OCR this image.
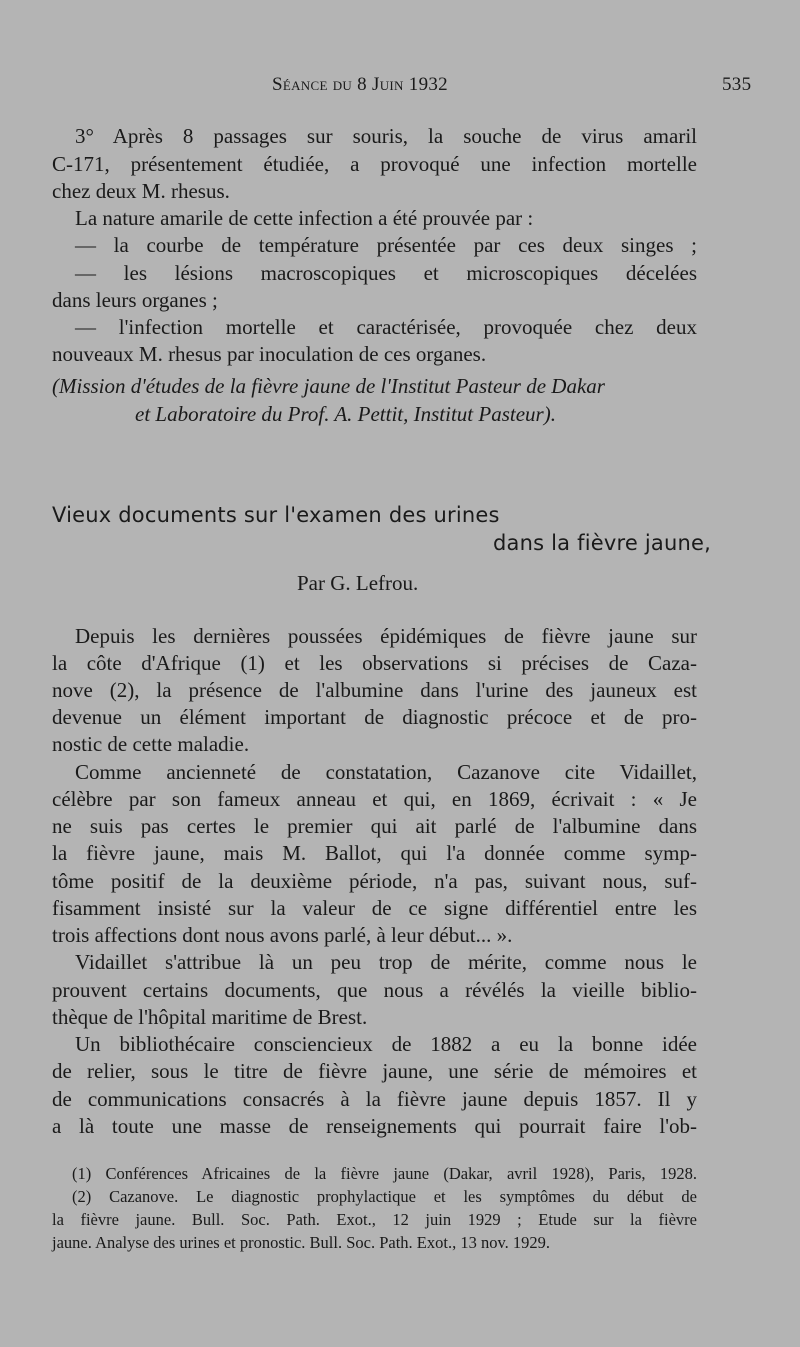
Séance du 8 Juin 1932	535
3° Après 8 passages sur souris, la souche de virus amaril
C-171, présentement étudiée, a provoqué une infection mortelle
chez deux M. rhesus.
La nature amarile de cette infection a été prouvée par :
— la courbe de température présentée par ces deux singes ;
— les lésions macroscopiques et microscopiques décelées
dans leurs organes ;
— l'infection mortelle et caractérisée, provoquée chez deux
nouveaux M. rhesus par inoculation de ces organes.
(Mission d'études de la fièvre jaune de l'Institut Pasteur de Dakar
et Laboratoire du Prof. A. Pettit, Institut Pasteur).
Vieux documents sur l'examen des urines
dans la fièvre jaune,
Par G. Lefrou.
Depuis les dernières poussées épidémiques de fièvre jaune sur
la côte d'Afrique (1) et les observations si précises de Caza-
nove (2), la présence de l'albumine dans l'urine des jauneux est
devenue un élément important de diagnostic précoce et de pro-
nostic de cette maladie.
Comme ancienneté de constatation, Cazanove cite Vidaillet,
célèbre par son fameux anneau et qui, en 1869, écrivait : « Je
ne suis pas certes le premier qui ait parlé de l'albumine dans
la fièvre jaune, mais M. Ballot, qui l'a donnée comme symp-
tôme positif de la deuxième période, n'a pas, suivant nous, suf-
fisamment insisté sur la valeur de ce signe différentiel entre les
trois affections dont nous avons parlé, à leur début... ».
Vidaillet s'attribue là un peu trop de mérite, comme nous le
prouvent certains documents, que nous a révélés la vieille biblio-
thèque de l'hôpital maritime de Brest.
Un bibliothécaire consciencieux de 1882 a eu la bonne idée
de relier, sous le titre de fièvre jaune, une série de mémoires et
de communications consacrés à la fièvre jaune depuis 1857. Il y
a là toute une masse de renseignements qui pourrait faire l'ob-
(1) Conférences Africaines de la fièvre jaune (Dakar, avril 1928), Paris, 1928.
(2) Cazanove. Le diagnostic prophylactique et les symptômes du début de
la fièvre jaune. Bull. Soc. Path. Exot., 12 juin 1929 ; Etude sur la fièvre
jaune. Analyse des urines et pronostic. Bull. Soc. Path. Exot., 13 nov. 1929.
